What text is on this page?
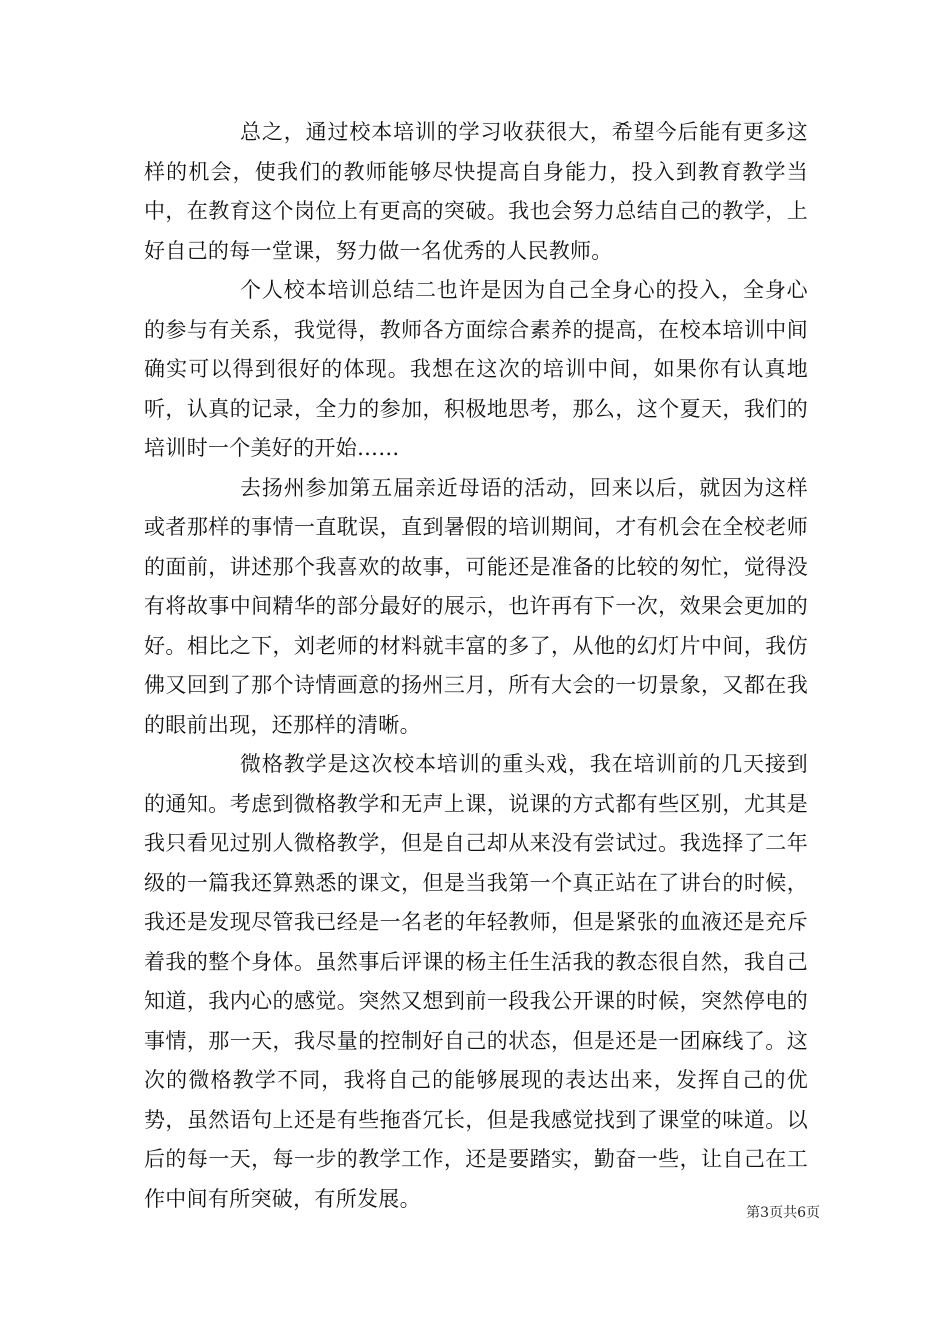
总之，通过校本培训的学习收获很大，希望今后能有更多这样的机会，使我们的教师能够尽快提高自身能力，投入到教育教学当中，在教育这个岗位上有更高的突破。我也会努力总结自己的教学，上好自己的每一堂课，努力做一名优秀的人民教师。

个人校本培训总结二也许是因为自己全身心的投入，全身心的参与有关系，我觉得，教师各方面综合素养的提高，在校本培训中间确实可以得到很好的体现。我想在这次的培训中间，如果你有认真地听，认真的记录，全力的参加，积极地思考，那么，这个夏天，我们的培训时一个美好的开始……

去扬州参加第五届亲近母语的活动，回来以后，就因为这样或者那样的事情一直耽误，直到暑假的培训期间，才有机会在全校老师的面前，讲述那个我喜欢的故事，可能还是准备的比较的匆忙，觉得没有将故事中间精华的部分最好的展示，也许再有下一次，效果会更加的好。相比之下，刘老师的材料就丰富的多了，从他的幻灯片中间，我仿佛又回到了那个诗情画意的扬州三月，所有大会的一切景象，又都在我的眼前出现，还那样的清晰。

微格教学是这次校本培训的重头戏，我在培训前的几天接到的通知。考虑到微格教学和无声上课，说课的方式都有些区别，尤其是我只看见过别人微格教学，但是自己却从来没有尝试过。我选择了二年级的一篇我还算熟悉的课文，但是当我第一个真正站在了讲台的时候，我还是发现尽管我已经是一名老的年轻教师，但是紧张的血液还是充斥着我的整个身体。虽然事后评课的杨主任生活我的教态很自然，我自己知道，我内心的感觉。突然又想到前一段我公开课的时候，突然停电的事情，那一天，我尽量的控制好自己的状态，但是还是一团麻线了。这次的微格教学不同，我将自己的能够展现的表达出来，发挥自己的优势，虽然语句上还是有些拖沓冗长，但是我感觉找到了课堂的味道。以后的每一天，每一步的教学工作，还是要踏实，勤奋一些，让自己在工作中间有所突破，有所发展。

第3页共6页
